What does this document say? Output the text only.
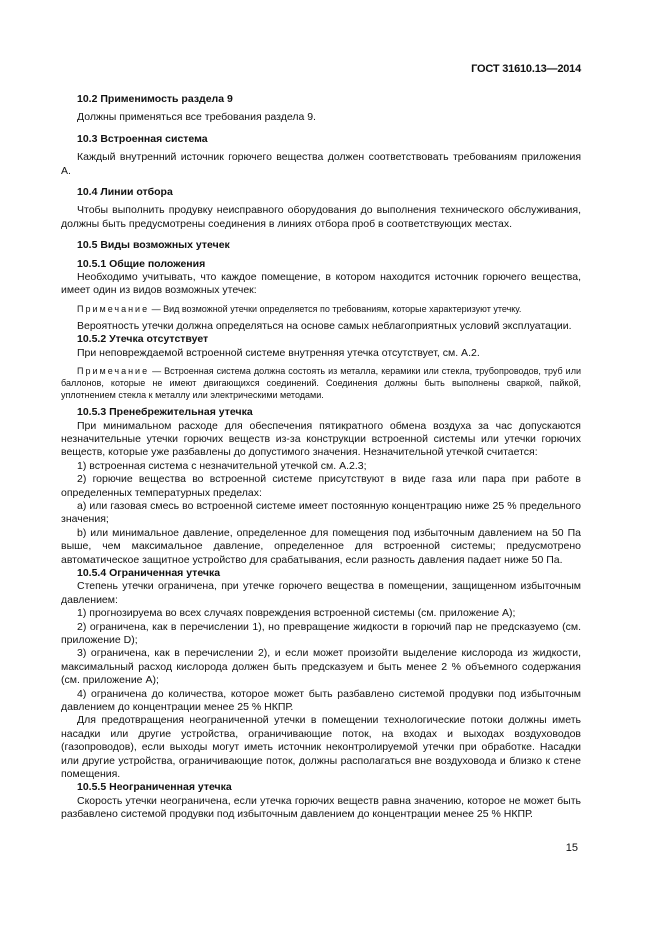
ГОСТ 31610.13—2014
10.2 Применимость раздела 9

Должны применяться все требования раздела 9.

10.3 Встроенная система

Каждый внутренний источник горючего вещества должен соответствовать требованиям приложения А.

10.4 Линии отбора

Чтобы выполнить продувку неисправного оборудования до выполнения технического обслуживания, должны быть предусмотрены соединения в линиях отбора проб в соответствующих местах.

10.5 Виды возможных утечек
10.5.1 Общие положения

Необходимо учитывать, что каждое помещение, в котором находится источник горючего вещества, имеет один из видов возможных утечек:

Примечание — Вид возможной утечки определяется по требованиям, которые характеризуют утечку.

Вероятность утечки должна определяться на основе самых неблагоприятных условий эксплуатации.

10.5.2 Утечка отсутствует

При неповреждаемой встроенной системе внутренняя утечка отсутствует, см. А.2.

Примечание — Встроенная система должна состоять из металла, керамики или стекла, трубопроводов, труб или баллонов, которые не имеют двигающихся соединений. Соединения должны быть выполнены сваркой, пайкой, уплотнением стекла к металлу или электрическими методами.

10.5.3 Пренебрежительная утечка

При минимальном расходе для обеспечения пятикратного обмена воздуха за час допускаются незначительные утечки горючих веществ из-за конструкции встроенной системы или утечки горючих веществ, которые уже разбавлены до допустимого значения. Незначительной утечкой считается:

1) встроенная система с незначительной утечкой см. А.2.3;

2) горючие вещества во встроенной системе присутствуют в виде газа или пара при работе в определенных температурных пределах:

а) или газовая смесь во встроенной системе имеет постоянную концентрацию ниже 25 % предельного значения;

b) или минимальное давление, определенное для помещения под избыточным давлением на 50 Па выше, чем максимальное давление, определенное для встроенной системы; предусмотрено автоматическое защитное устройство для срабатывания, если разность давления падает ниже 50 Па.

10.5.4 Ограниченная утечка

Степень утечки ограничена, при утечке горючего вещества в помещении, защищенном избыточным давлением:

1) прогнозируема во всех случаях повреждения встроенной системы (см. приложение А);

2) ограничена, как в перечислении 1), но превращение жидкости в горючий пар не предсказуемо (см. приложение D);

3) ограничена, как в перечислении 2), и если может произойти выделение кислорода из жидкости, максимальный расход кислорода должен быть предсказуем и быть менее 2 % объемного содержания (см. приложение А);

4) ограничена до количества, которое может быть разбавлено системой продувки под избыточным давлением до концентрации менее 25 % НКПР.

Для предотвращения неограниченной утечки в помещении технологические потоки должны иметь насадки или другие устройства, ограничивающие поток, на входах и выходах воздуховодов (газопроводов), если выходы могут иметь источник неконтролируемой утечки при обработке. Насадки или другие устройства, ограничивающие поток, должны располагаться вне воздуховода и близко к стене помещения.

10.5.5 Неограниченная утечка

Скорость утечки неограничена, если утечка горючих веществ равна значению, которое не может быть разбавлено системой продувки под избыточным давлением до концентрации менее 25 % НКПР.

15
